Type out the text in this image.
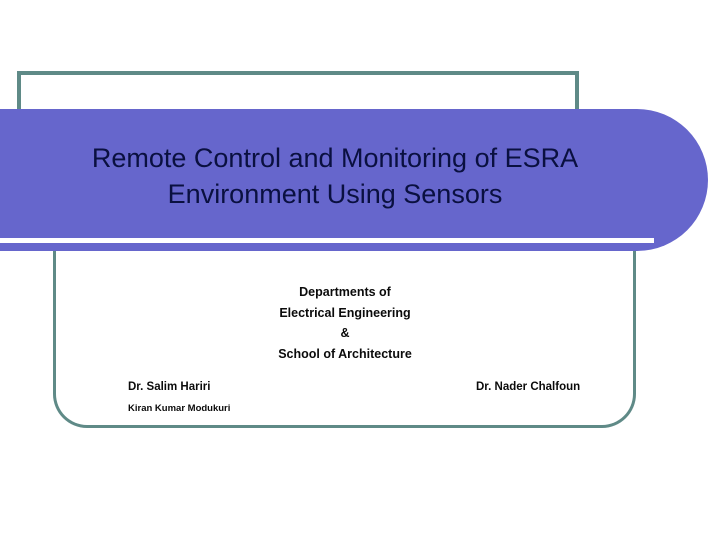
Remote Control and Monitoring of ESRA
Environment Using Sensors
Departments of
Electrical Engineering
&
School of Architecture
Dr. Salim Hariri	Dr. Nader Chalfoun
Kiran Kumar Modukuri
